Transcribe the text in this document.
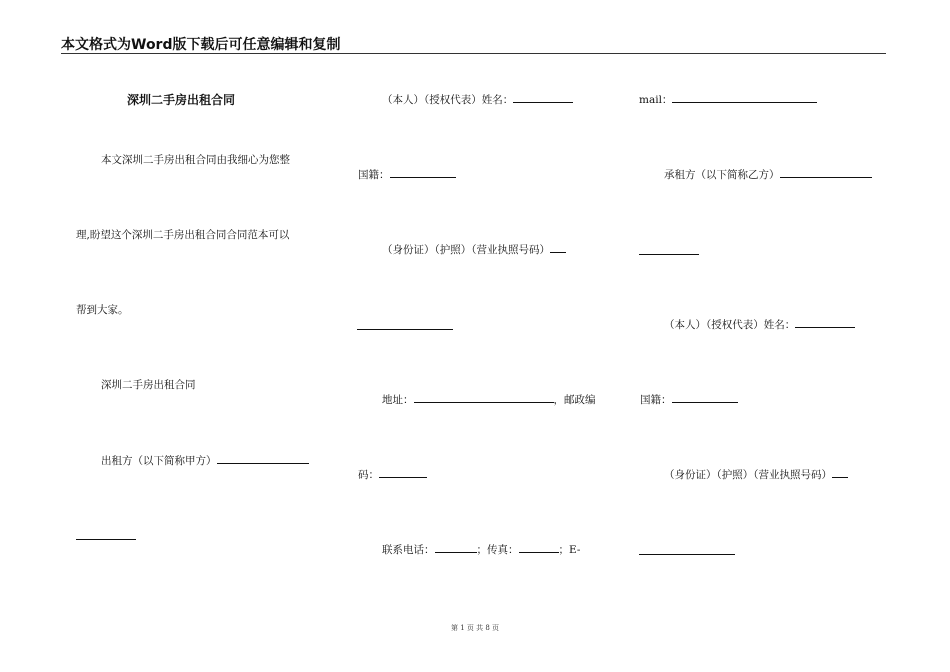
本文格式为Word版下载后可任意编辑和复制
深圳二手房出租合同
本文深圳二手房出租合同由我细心为您整
理,盼望这个深圳二手房出租合同合同范本可以
帮到大家。
深圳二手房出租合同
出租方（以下简称甲方）
（本人）（授权代表）姓名：
国籍：
（身份证）（护照）（营业执照号码）
地址：	，邮政编
码：
联系电话：	；传真：	；E-
mail：
承租方（以下简称乙方）
（本人）（授权代表）姓名：
国籍：
（身份证）（护照）（营业执照号码）
第 1 页 共 8 页
